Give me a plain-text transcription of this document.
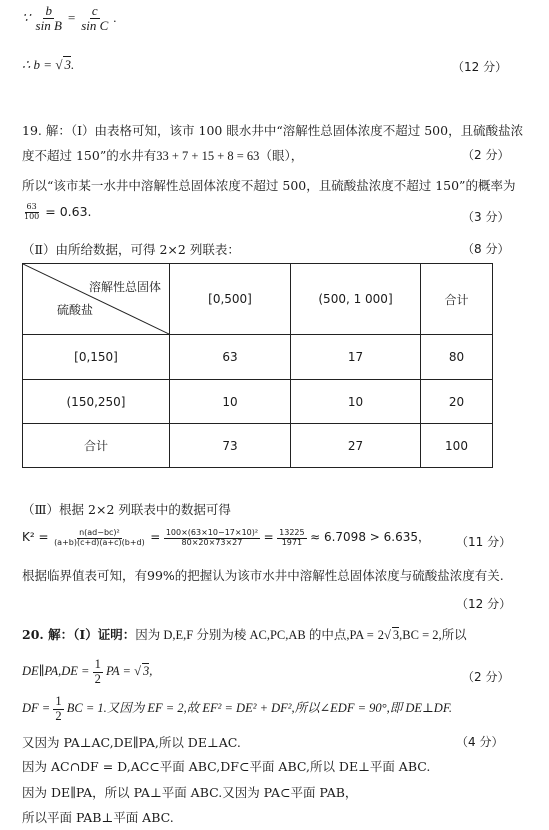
∵ $\frac{b}{\text{sin B}} = \frac{c}{\text{sin C}}$ .
∴ b = √ 3.	（12 分）
19. 解：（Ⅰ）由表格可知，该市 100 眼水井中“溶解性总固体浓度不超过 500，且硫酸盐浓
度不超过 150”的水井有33 + 7 + 15 + 8 = 63（眼），	（2 分）
所以“该市某一水井中溶解性总固体浓度不超过 500，且硫酸盐浓度不超过 150”的概率为
$\frac{63}{100} = 0.63$.	（3 分）
（Ⅱ）由所给数据，可得 2×2 列联表：	（8 分）
溶解性总固体
硫酸盐	[0,500]	(500, 1 000]	合计
[0,150]	63	17	80
(150,250]	10	10	20
合计	73	27	100
（Ⅲ）根据 2×2 列联表中的数据可得
$K^2 = \frac{\text{n(ad−bc)²}}{(a+b)(c+d)(a+c)(b+d)} = \frac{\text{100×(63×10−17×10)²}}{80\times 20\times 73\times 27} = \frac{13225}{1971} \approx 6.7098 > 6.635$， （11 分）
根据临界值表可知，有99%的把握认为该市水井中溶解性总固体浓度与硫酸盐浓度有关.
（12 分）
20. 解：（Ⅰ）证明：因为 D,E,F 分别为棱 AC,PC,AB 的中点,PA = 2√ 3,BC = 2,所以
DE∥PA,DE = $\frac{1}{2}$ PA = √ 3,	（2 分）
DF = $\frac{1}{2}$ BC = 1.又因为 EF = 2,故 EF² = DE² + DF²,所以∠EDF = 90°,即 DE⊥DF.
又因为 PA⊥AC,DE∥PA,所以 DE⊥AC.	（4 分）
因为 AC∩DF = D,AC⊂平面 ABC,DF⊂平面 ABC,所以 DE⊥平面 ABC.
因为 DE∥PA，所以 PA⊥平面 ABC.又因为 PA⊂平面 PAB，
所以平面 PAB⊥平面 ABC.
